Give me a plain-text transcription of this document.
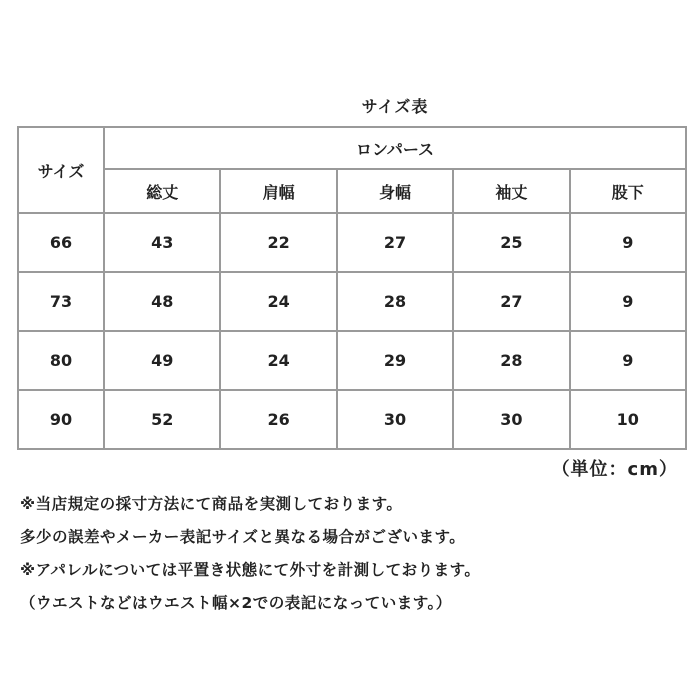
サイズ表
サイズ	ロンパース				
	総丈	肩幅	身幅	袖丈	股下
66	43	22	27	25	9
73	48	24	28	27	9
80	49	24	29	28	9
90	52	26	30	30	10
（単位：cm）
※当店規定の採寸方法にて商品を実測しております。
多少の誤差やメーカー表記サイズと異なる場合がございます。
※アパレルについては平置き状態にて外寸を計測しております。
（ウエストなどはウエスト幅×2での表記になっています。）
